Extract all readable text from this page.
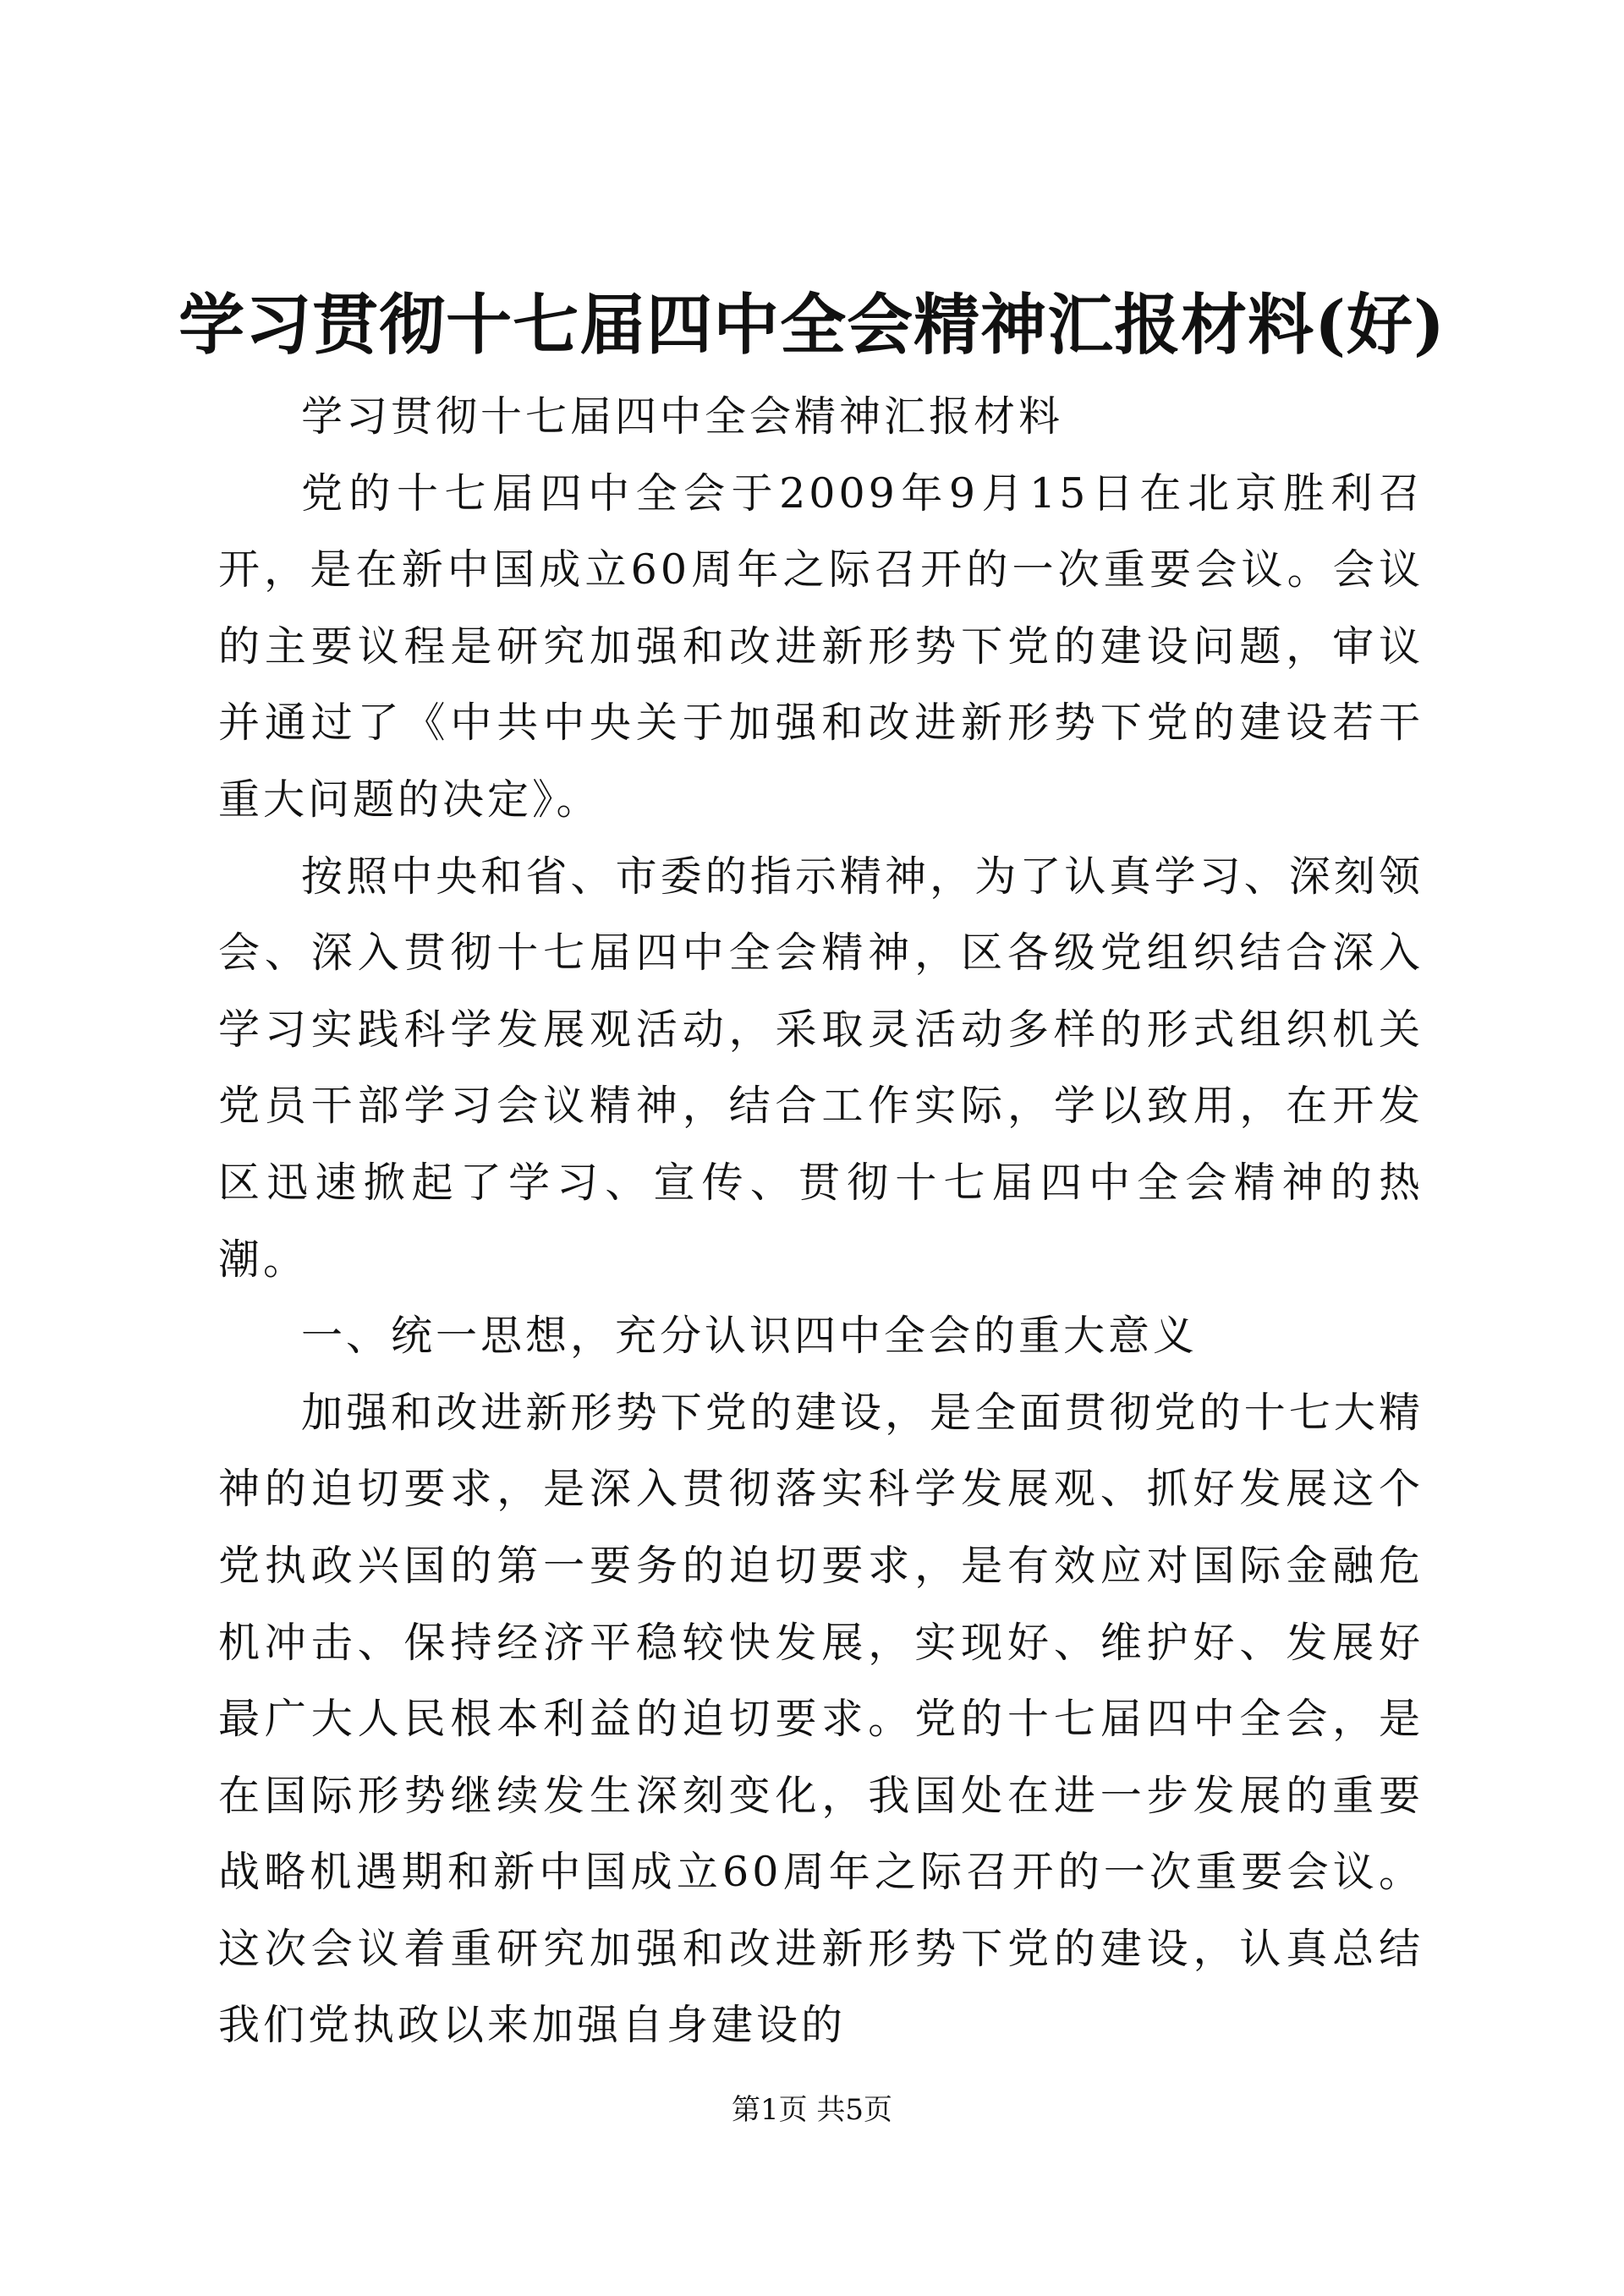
学习贯彻十七届四中全会精神汇报材料(好)

学习贯彻十七届四中全会精神汇报材料

党的十七届四中全会于2009年9月15日在北京胜利召开，是在新中国成立60周年之际召开的一次重要会议。会议的主要议程是研究加强和改进新形势下党的建设问题，审议并通过了《中共中央关于加强和改进新形势下党的建设若干重大问题的决定》。

按照中央和省、市委的指示精神，为了认真学习、深刻领会、深入贯彻十七届四中全会精神，区各级党组织结合深入学习实践科学发展观活动，采取灵活动多样的形式组织机关党员干部学习会议精神，结合工作实际，学以致用，在开发区迅速掀起了学习、宣传、贯彻十七届四中全会精神的热潮。

一、统一思想，充分认识四中全会的重大意义

加强和改进新形势下党的建设，是全面贯彻党的十七大精神的迫切要求，是深入贯彻落实科学发展观、抓好发展这个党执政兴国的第一要务的迫切要求，是有效应对国际金融危机冲击、保持经济平稳较快发展，实现好、维护好、发展好最广大人民根本利益的迫切要求。党的十七届四中全会，是在国际形势继续发生深刻变化，我国处在进一步发展的重要战略机遇期和新中国成立60周年之际召开的一次重要会议。这次会议着重研究加强和改进新形势下党的建设，认真总结我们党执政以来加强自身建设的

第1页 共5页
